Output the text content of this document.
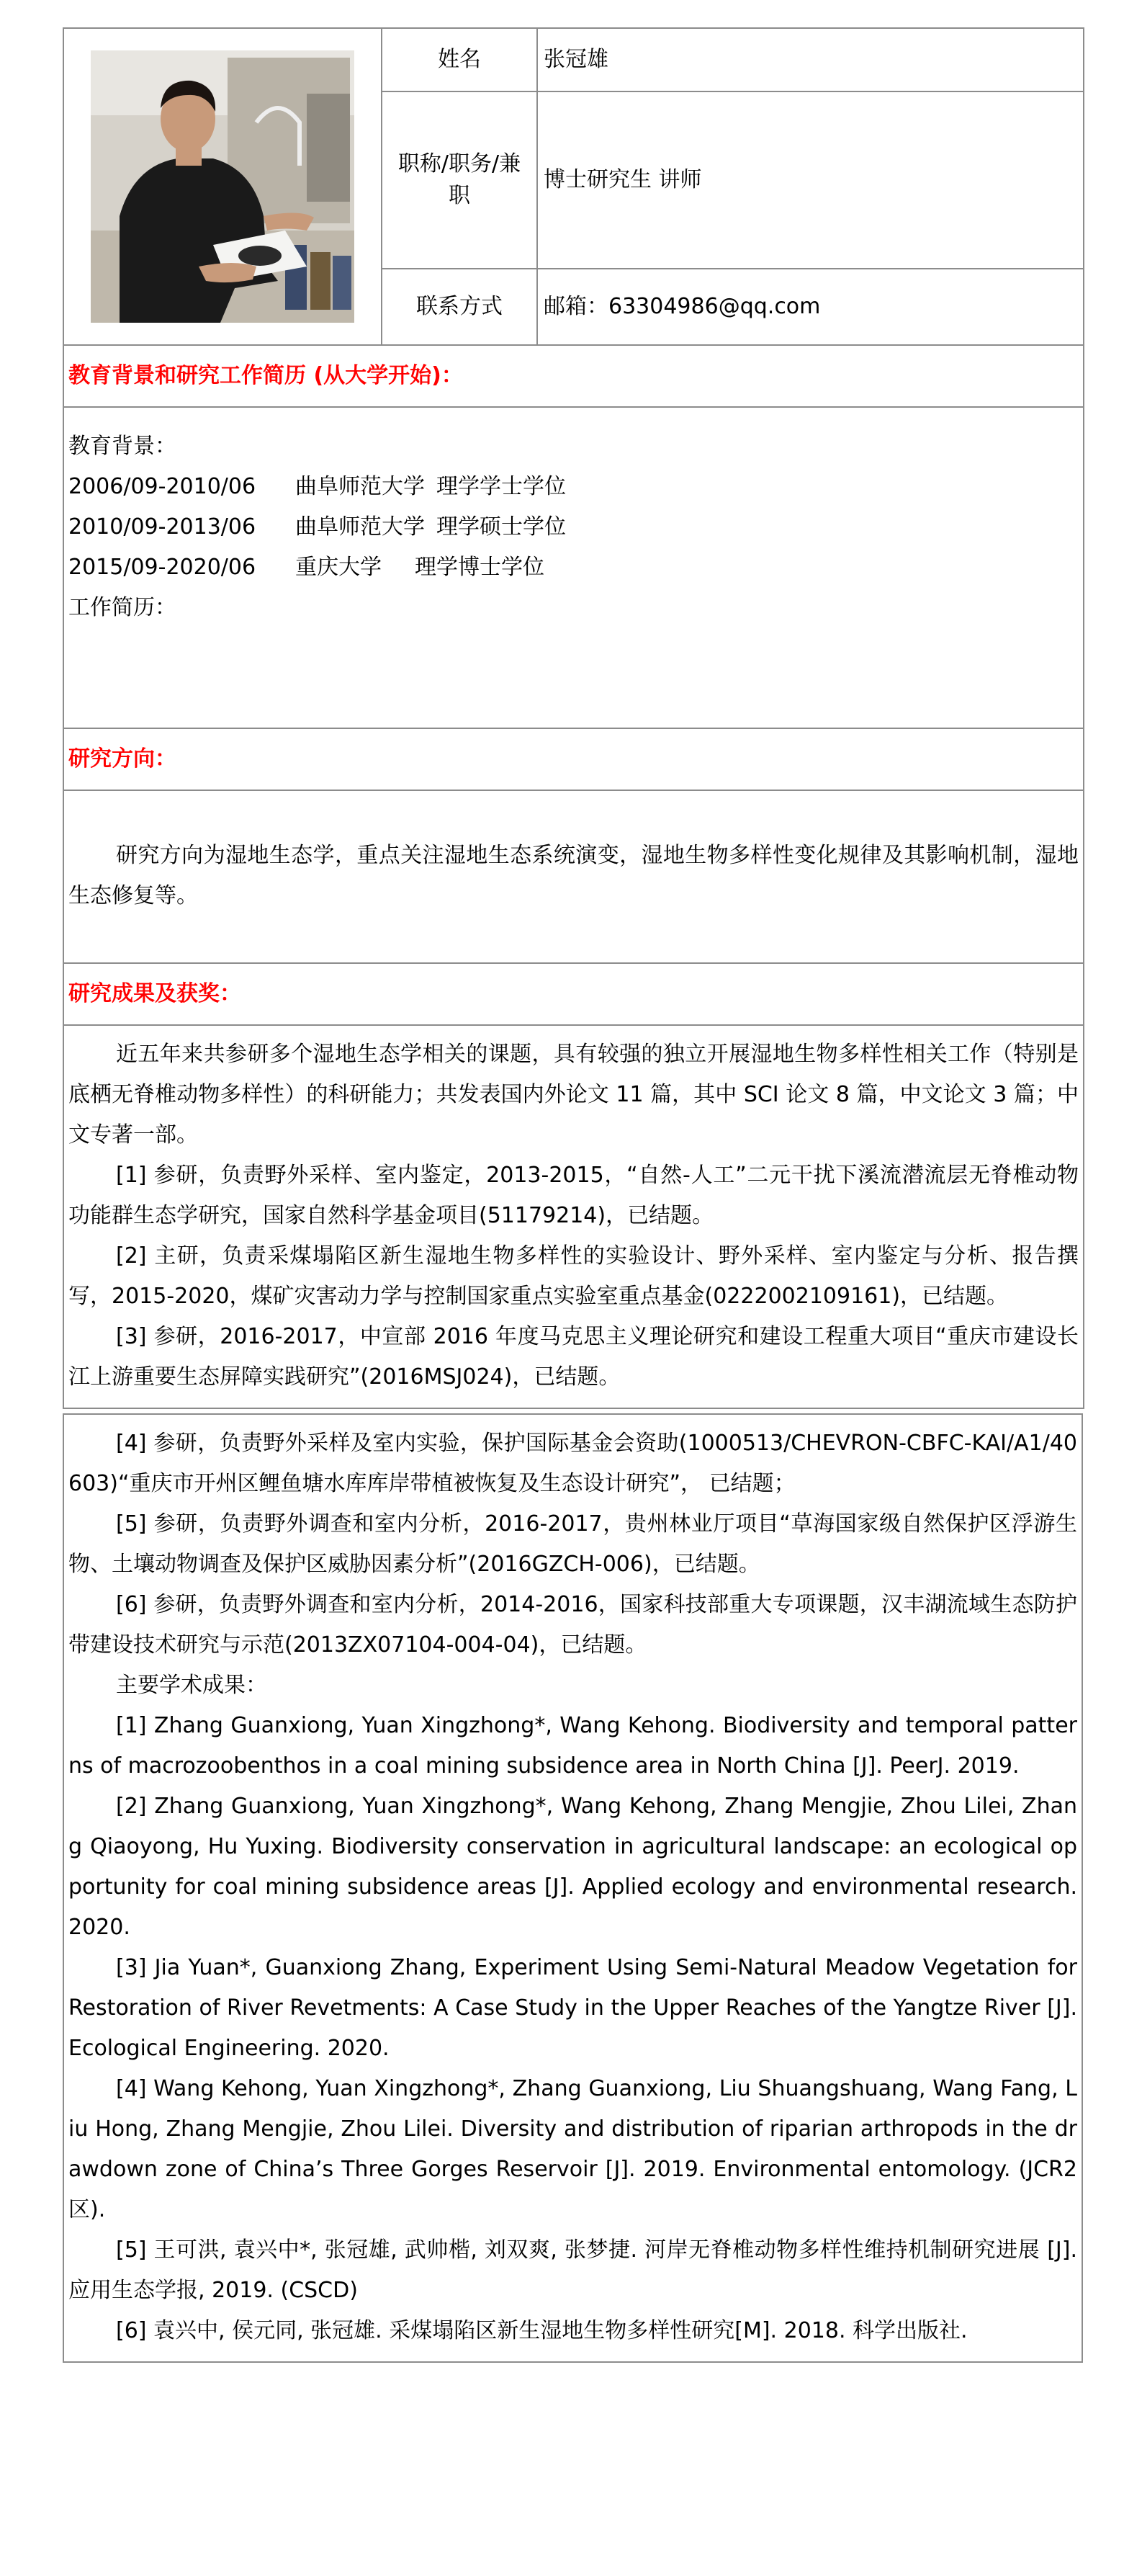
	姓名	张冠雄
	职称/职务/兼职	博士研究生 讲师
	联系方式	邮箱：63304986@qq.com
教育背景和研究工作简历 (从大学开始)：		

教育背景：

2006/09-2010/06 曲阜师范大学 理学学士学位

2010/09-2013/06 曲阜师范大学 理学硕士学位

2015/09-2020/06 重庆大学 理学博士学位

工作简历：		

研究方向：		

研究方向为湿地生态学，重点关注湿地生态系统演变，湿地生物多样性变化规律及其影响机制，湿地生态修复等。		

研究成果及获奖：		

近五年来共参研多个湿地生态学相关的课题，具有较强的独立开展湿地生物多样性相关工作（特别是底栖无脊椎动物多样性）的科研能力；共发表国内外论文 11 篇，其中 SCI 论文 8 篇，中文论文 3 篇；中文专著一部。

[1] 参研，负责野外采样、室内鉴定，2013-2015，“自然-人工”二元干扰下溪流潜流层无脊椎动物功能群生态学研究，国家自然科学基金项目(51179214)，已结题。

[2] 主研，负责采煤塌陷区新生湿地生物多样性的实验设计、野外采样、室内鉴定与分析、报告撰写，2015-2020，煤矿灾害动力学与控制国家重点实验室重点基金(0222002109161)，已结题。

[3] 参研，2016-2017，中宣部 2016 年度马克思主义理论研究和建设工程重大项目“重庆市建设长江上游重要生态屏障实践研究”(2016MSJ024)，已结题。		

[4] 参研，负责野外采样及室内实验，保护国际基金会资助(1000513/CHEVRON-CBFC-KAI/A1/40603)“重庆市开州区鲤鱼塘水库库岸带植被恢复及生态设计研究”， 已结题；

[5] 参研，负责野外调查和室内分析，2016-2017，贵州林业厅项目“草海国家级自然保护区浮游生物、土壤动物调查及保护区威胁因素分析”(2016GZCH-006)，已结题。

[6] 参研，负责野外调查和室内分析，2014-2016，国家科技部重大专项课题，汉丰湖流域生态防护带建设技术研究与示范(2013ZX07104-004-04)，已结题。

主要学术成果：

[1] Zhang Guanxiong, Yuan Xingzhong*, Wang Kehong. Biodiversity and temporal patterns of macrozoobenthos in a coal mining subsidence area in North China [J]. PeerJ. 2019.

[2] Zhang Guanxiong, Yuan Xingzhong*, Wang Kehong, Zhang Mengjie, Zhou Lilei, Zhang Qiaoyong, Hu Yuxing. Biodiversity conservation in agricultural landscape: an ecological opportunity for coal mining subsidence areas [J]. Applied ecology and environmental research. 2020.

[3] Jia Yuan*, Guanxiong Zhang, Experiment Using Semi-Natural Meadow Vegetation for Restoration of River Revetments: A Case Study in the Upper Reaches of the Yangtze River [J]. Ecological Engineering. 2020.

[4] Wang Kehong, Yuan Xingzhong*, Zhang Guanxiong, Liu Shuangshuang, Wang Fang, Liu Hong, Zhang Mengjie, Zhou Lilei. Diversity and distribution of riparian arthropods in the drawdown zone of China’s Three Gorges Reservoir [J]. 2019. Environmental entomology. (JCR2 区).

[5] 王可洪, 袁兴中*, 张冠雄, 武帅楷, 刘双爽, 张梦捷. 河岸无脊椎动物多样性维持机制研究进展 [J]. 应用生态学报, 2019. (CSCD)

[6] 袁兴中, 侯元同, 张冠雄. 采煤塌陷区新生湿地生物多样性研究[M]. 2018. 科学出版社.
